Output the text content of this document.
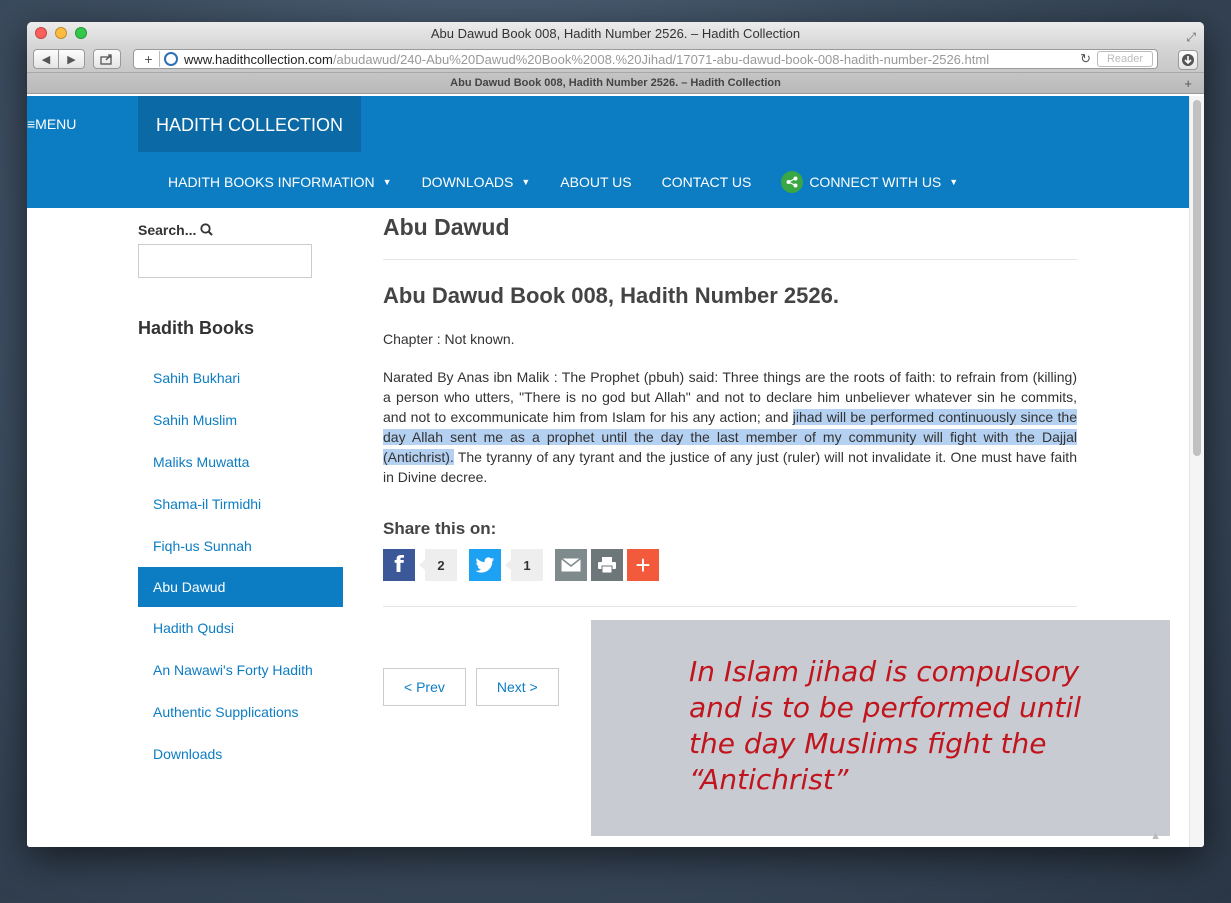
Abu Dawud Book 008, Hadith Number 2526. – Hadith Collection	⤢
◀	▶	+	www.hadithcollection.com /abudawud/240-Abu%20Dawud%20Book%2008.%20Jihad/17071-abu-dawud-book-008-hadith-number-2526.html	↻	Reader
Abu Dawud Book 008, Hadith Number 2526. – Hadith Collection	+
≡MENU	HADITH COLLECTION
HADITH BOOKS INFORMATION ▼ DOWNLOADS ▼ ABOUT US CONTACT US	CONNECT WITH US ▼
Search...
Hadith Books
Sahih Bukhari
Sahih Muslim
Maliks Muwatta
Shama-il Tirmidhi
Fiqh-us Sunnah
Abu Dawud
Hadith Qudsi
An Nawawi's Forty Hadith
Authentic Supplications
Downloads
Abu Dawud
Abu Dawud Book 008, Hadith Number 2526.

Chapter : Not known.

Narated By Anas ibn Malik : The Prophet (pbuh) said: Three things are the roots of faith: to refrain from (killing) a person who utters, "There is no god but Allah" and not to declare him unbeliever whatever sin he commits, and not to excommunicate him from Islam for his any action; and jihad will be performed continuously since the day Allah sent me as a prophet until the day the last member of my community will fight with the Dajjal (Antichrist). The tyranny of any tyrant and the justice of any just (ruler) will not invalidate it. One must have faith in Divine decree.

Share this on:
f	2	1	+
< Prev	Next >	In Islam jihad is compulsory and is to be performed until the day Muslims fight the “Antichrist”

▲
